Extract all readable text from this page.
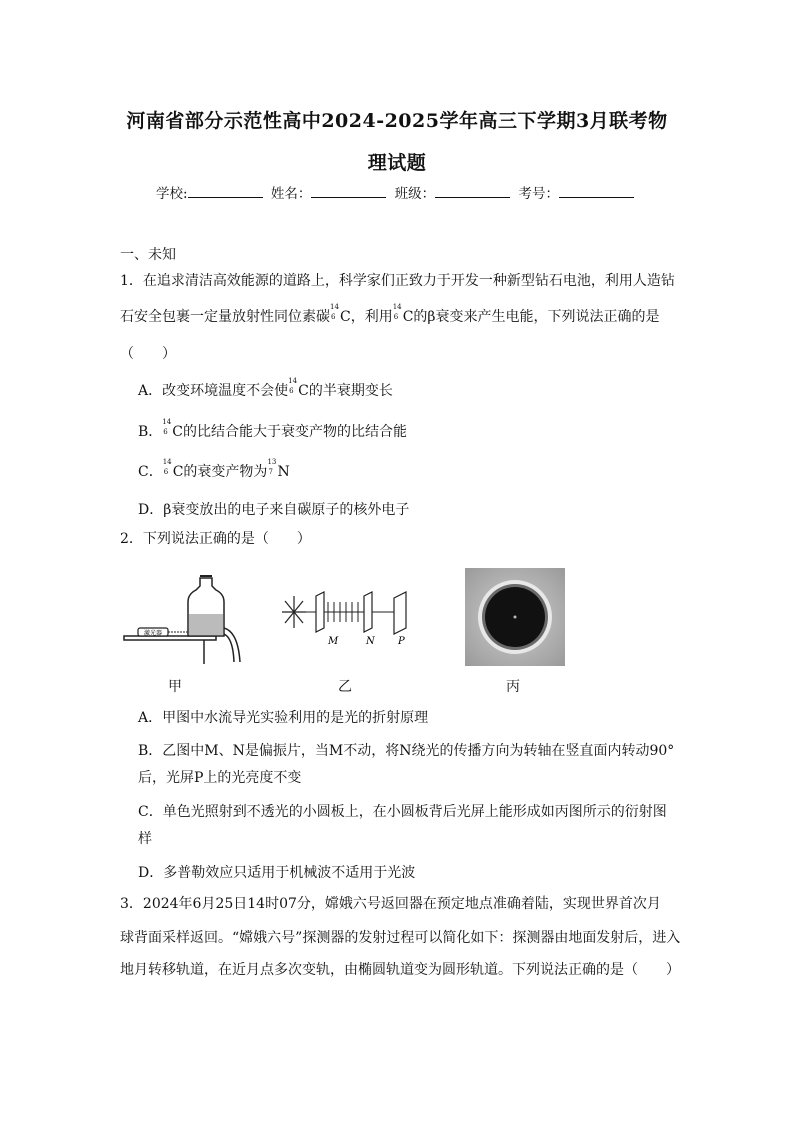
河南省部分示范性高中2024-2025学年高三下学期3月联考物
理试题
学校:	姓名：	班级：	考号：
一、未知
1．在追求清洁高效能源的道路上，科学家们正致力于开发一种新型钻石电池，利用人造钻
石安全包裹一定量放射性同位素碳
14
6 C，利用
14
6 C的β衰变来产生电能，下列说法正确的是
（　　）
A．改变环境温度不会使
14
6 C的半衰期变长
B．
14
6 C的比结合能大于衰变产物的比结合能
C．
14
6 C的衰变产物为
13
7 N
D．β衰变放出的电子来自碳原子的核外电子
2．下列说法正确的是（　　）
激光器
甲
M	N P
乙	丙
A．甲图中水流导光实验利用的是光的折射原理
B．乙图中M、N是偏振片，当M不动，将N绕光的传播方向为转轴在竖直面内转动90°
后，光屏P上的光亮度不变
C．单色光照射到不透光的小圆板上，在小圆板背后光屏上能形成如丙图所示的衍射图
样
D．多普勒效应只适用于机械波不适用于光波
3．2024年6月25日14时07分，嫦娥六号返回器在预定地点准确着陆，实现世界首次月
球背面采样返回。“嫦娥六号”探测器的发射过程可以简化如下：探测器由地面发射后，进入
地月转移轨道，在近月点多次变轨，由椭圆轨道变为圆形轨道。下列说法正确的是（　　）
